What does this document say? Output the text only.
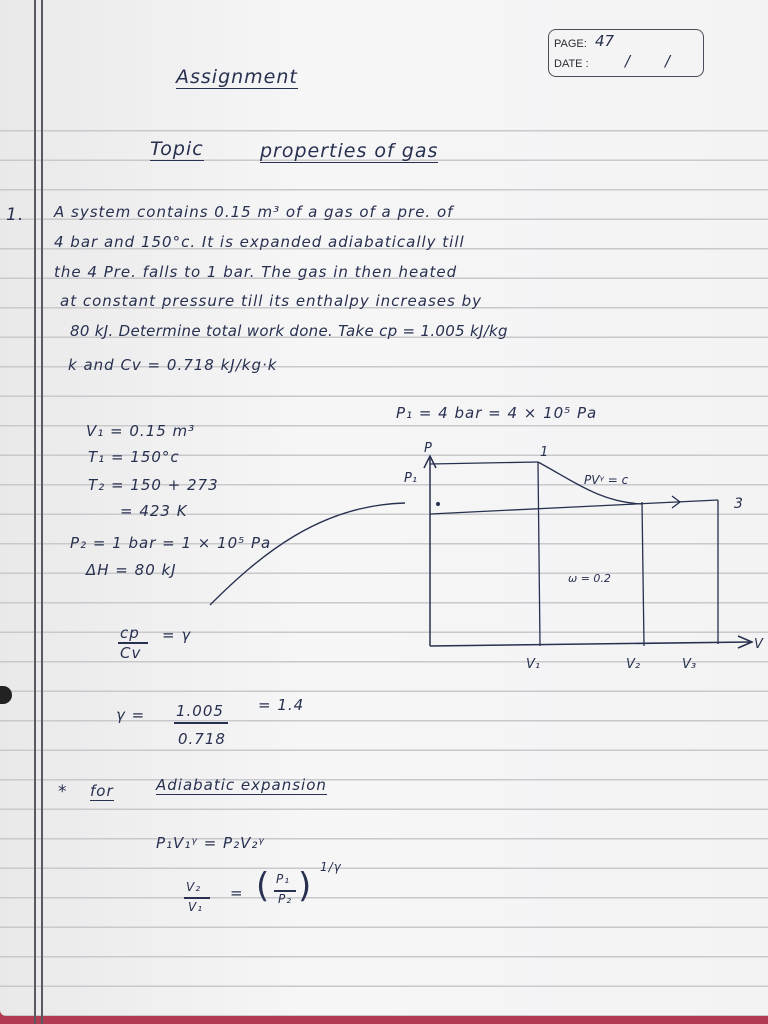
PAGE: 47
DATE : / /
Assignment
Topic	properties of gas
1. A system contains 0.15 m³ of a gas of a pre. of
4 bar and 150°c. It is expanded adiabatically till
the 4 Pre. falls to 1 bar. The gas in then heated
at constant pressure till its enthalpy increases by
80 kJ. Determine total work done. Take cp = 1.005 kJ/kg
k and Cv = 0.718 kJ/kg·k
V₁ = 0.15 m³
P₁ = 4 bar = 4 × 10⁵ Pa
T₁ = 150°c
T₂ = 150 + 273
= 423 K
P₂ = 1 bar = 1 × 10⁵ Pa
ΔH = 80 kJ
cp
Cv
= γ
γ = 1.005
0.718
= 1.4
* for	Adiabatic expansion
P₁V₁ᵞ = P₂V₂ᵞ
V₂
V₁
= ( P₁
P₂ ) 1/γ
P
P₁
1
PVᵞ = c
3
ω = 0.2
V
V₁	V₂	V₃
